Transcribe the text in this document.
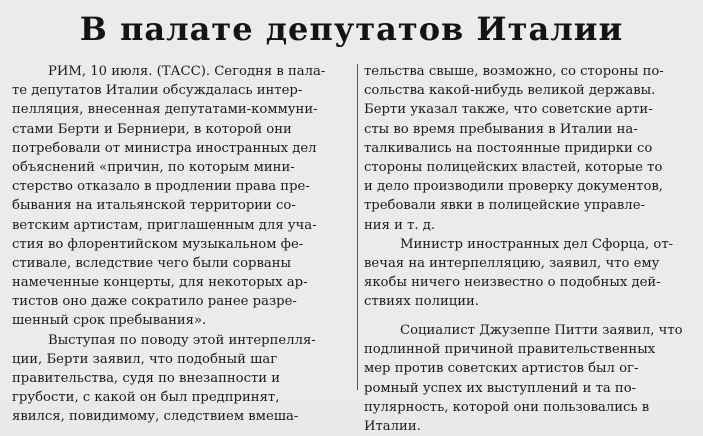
В палате депутатов Италии
РИМ, 10 июля. (ТАСС). Сегодня в пала-
те депутатов Италии обсуждалась интер-
пелляция, внесенная депутатами-коммуни-
стами Берти и Берниери, в которой они
потребовали от министра иностранных дел
объяснений «причин, по которым мини-
стерство отказало в продлении права пре-
бывания на итальянской территории со-
ветским артистам, приглашенным для уча-
стия во флорентийском музыкальном фе-
стивале, вследствие чего были сорваны
намеченные концерты, для некоторых ар-
тистов оно даже сократило ранее разре-
шенный срок пребывания».
Выступая по поводу этой интерпелля-
ции, Берти заявил, что подобный шаг
правительства, судя по внезапности и
грубости, с какой он был предпринят,
явился, повидимому, следствием вмеша-
тельства свыше, возможно, со стороны по-
сольства какой-нибудь великой державы.
Берти указал также, что советские арти-
сты во время пребывания в Италии на-
талкивались на постоянные придирки со
стороны полицейских властей, которые то
и дело производили проверку документов,
требовали явки в полицейские управле-
ния и т. д.
Министр иностранных дел Сфорца, от-
вечая на интерпелляцию, заявил, что ему
якобы ничего неизвестно о подобных дей-
ствиях полиции.
Социалист Джузеппе Питти заявил, что
подлинной причиной правительственных
мер против советских артистов был ог-
ромный успех их выступлений и та по-
пулярность, которой они пользовались в
Италии.
